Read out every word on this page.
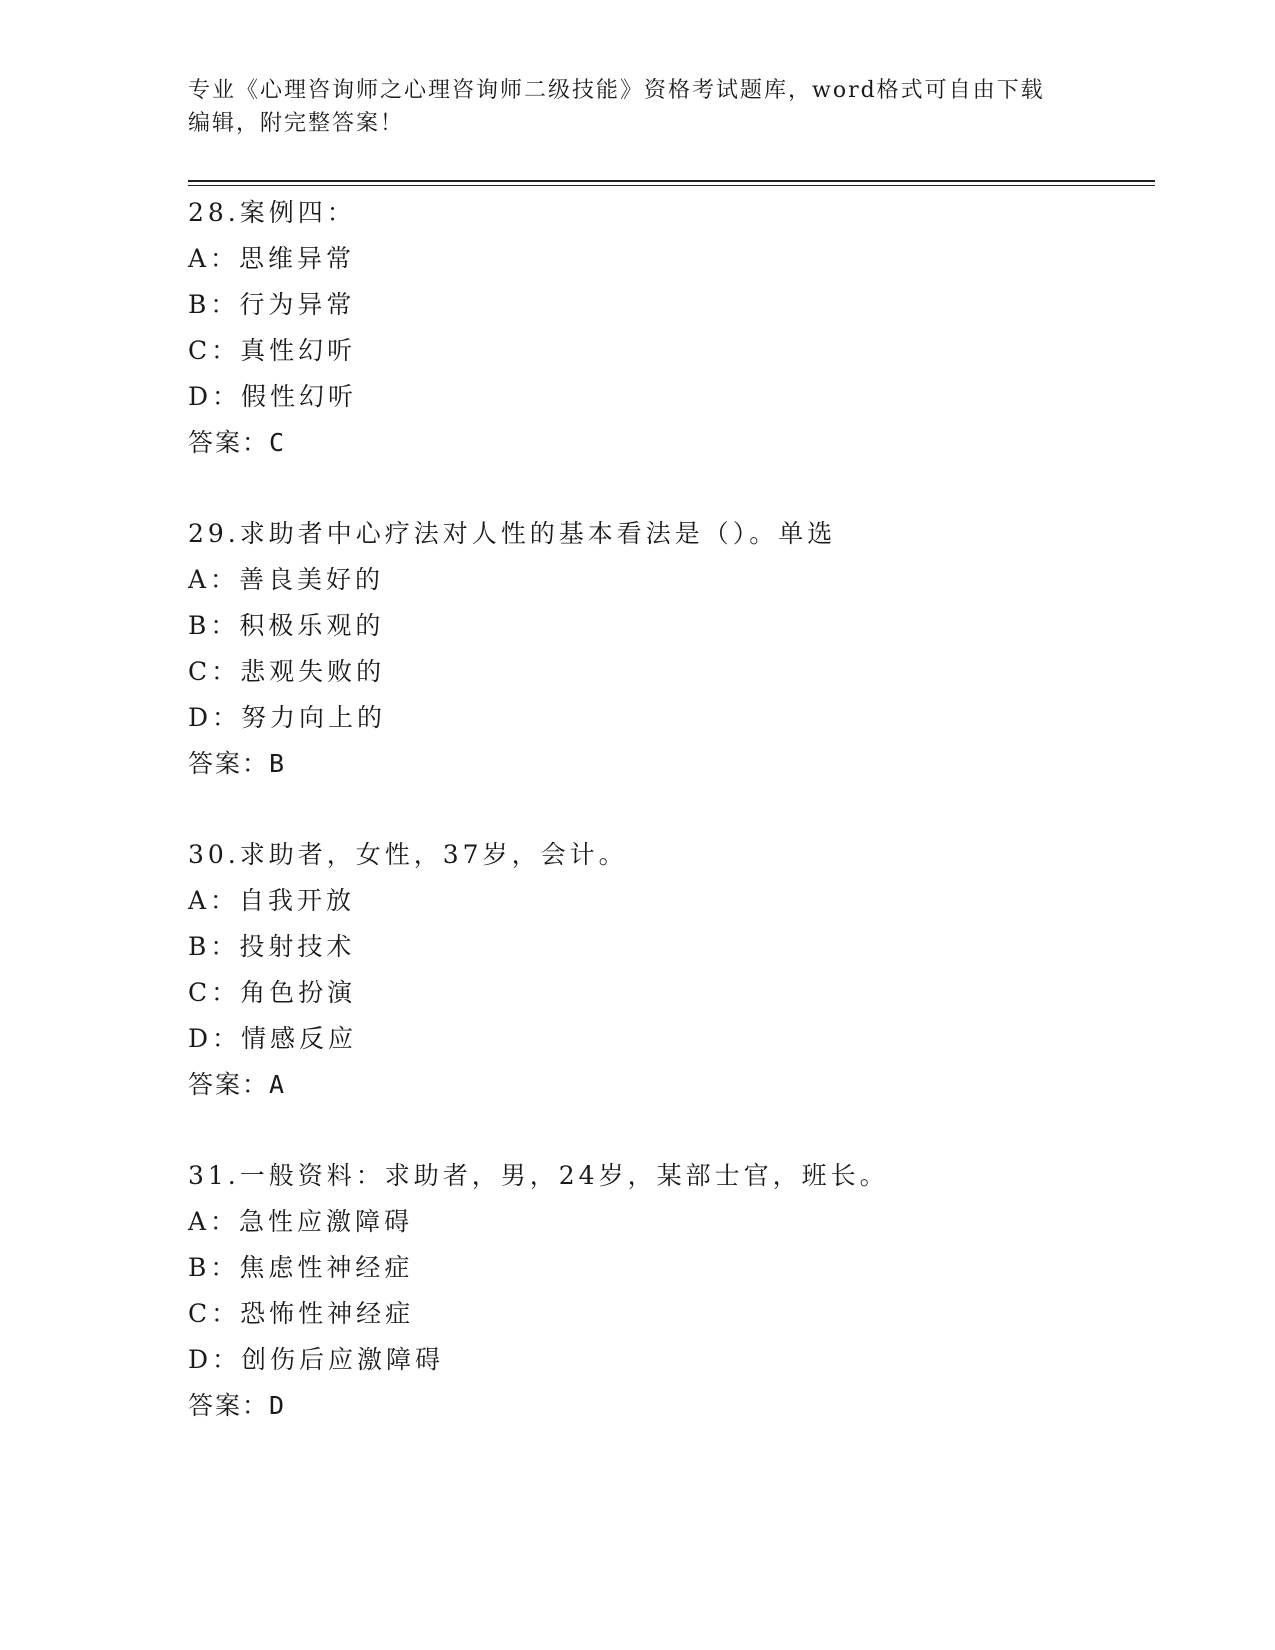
专业《心理咨询师之心理咨询师二级技能》资格考试题库，word格式可自由下载
编辑，附完整答案！
28.案例四：
A：思维异常
B：行为异常
C：真性幻听
D：假性幻听
答案：C
29.求助者中心疗法对人性的基本看法是（）。单选
A：善良美好的
B：积极乐观的
C：悲观失败的
D：努力向上的
答案：B
30.求助者，女性，37岁，会计。
A：自我开放
B：投射技术
C：角色扮演
D：情感反应
答案：A
31.一般资料：求助者，男，24岁，某部士官，班长。
A：急性应激障碍
B：焦虑性神经症
C：恐怖性神经症
D：创伤后应激障碍
答案：D
